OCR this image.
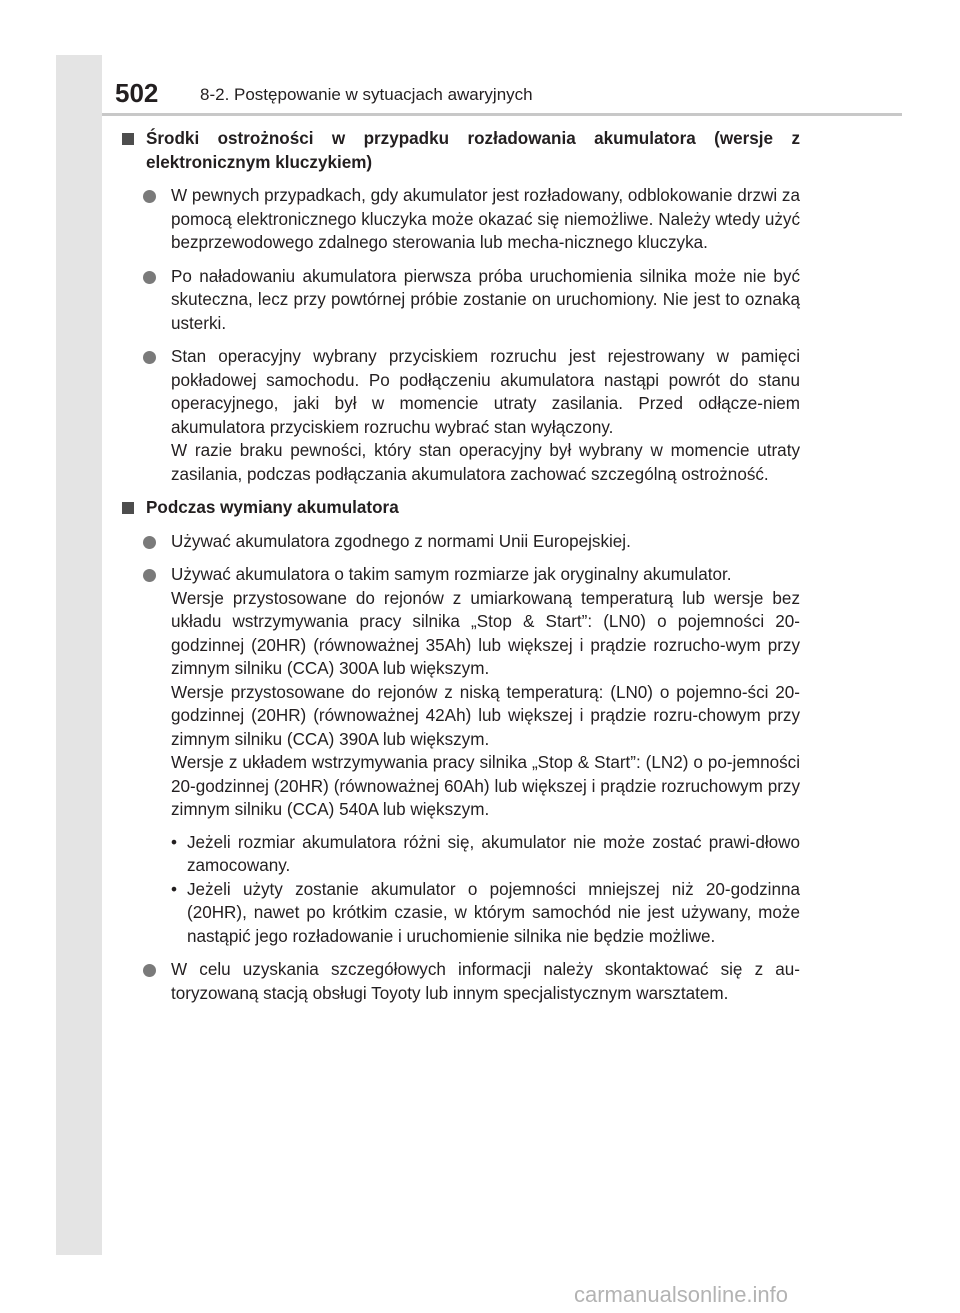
502 8-2. Postępowanie w sytuacjach awaryjnych
Środki ostrożności w przypadku rozładowania akumulatora (wersje z elektronicznym kluczykiem)
W pewnych przypadkach, gdy akumulator jest rozładowany, odblokowanie drzwi za pomocą elektronicznego kluczyka może okazać się niemożliwe. Należy wtedy użyć bezprzewodowego zdalnego sterowania lub mecha-nicznego kluczyka.
Po naładowaniu akumulatora pierwsza próba uruchomienia silnika może nie być skuteczna, lecz przy powtórnej próbie zostanie on uruchomiony. Nie jest to oznaką usterki.
Stan operacyjny wybrany przyciskiem rozruchu jest rejestrowany w pamięci pokładowej samochodu. Po podłączeniu akumulatora nastąpi powrót do stanu operacyjnego, jaki był w momencie utraty zasilania. Przed odłącze-niem akumulatora przyciskiem rozruchu wybrać stan wyłączony.
W razie braku pewności, który stan operacyjny był wybrany w momencie utraty zasilania, podczas podłączania akumulatora zachować szczególną ostrożność.
Podczas wymiany akumulatora
Używać akumulatora zgodnego z normami Unii Europejskiej.
Używać akumulatora o takim samym rozmiarze jak oryginalny akumulator.
Wersje przystosowane do rejonów z umiarkowaną temperaturą lub wersje bez układu wstrzymywania pracy silnika „Stop & Start”: (LN0) o pojemności 20-godzinnej (20HR) (równoważnej 35Ah) lub większej i prądzie rozrucho-wym przy zimnym silniku (CCA) 300A lub większym.
Wersje przystosowane do rejonów z niską temperaturą: (LN0) o pojemno-ści 20-godzinnej (20HR) (równoważnej 42Ah) lub większej i prądzie rozru-chowym przy zimnym silniku (CCA) 390A lub większym.
Wersje z układem wstrzymywania pracy silnika „Stop & Start”: (LN2) o po-jemności 20-godzinnej (20HR) (równoważnej 60Ah) lub większej i prądzie rozruchowym przy zimnym silniku (CCA) 540A lub większym.
• Jeżeli rozmiar akumulatora różni się, akumulator nie może zostać prawi-dłowo zamocowany.
• Jeżeli użyty zostanie akumulator o pojemności mniejszej niż 20-godzinna (20HR), nawet po krótkim czasie, w którym samochód nie jest używany, może nastąpić jego rozładowanie i uruchomienie silnika nie będzie możliwe.
W celu uzyskania szczegółowych informacji należy skontaktować się z au-toryzowaną stacją obsługi Toyoty lub innym specjalistycznym warsztatem.
carmanualsonline.info
